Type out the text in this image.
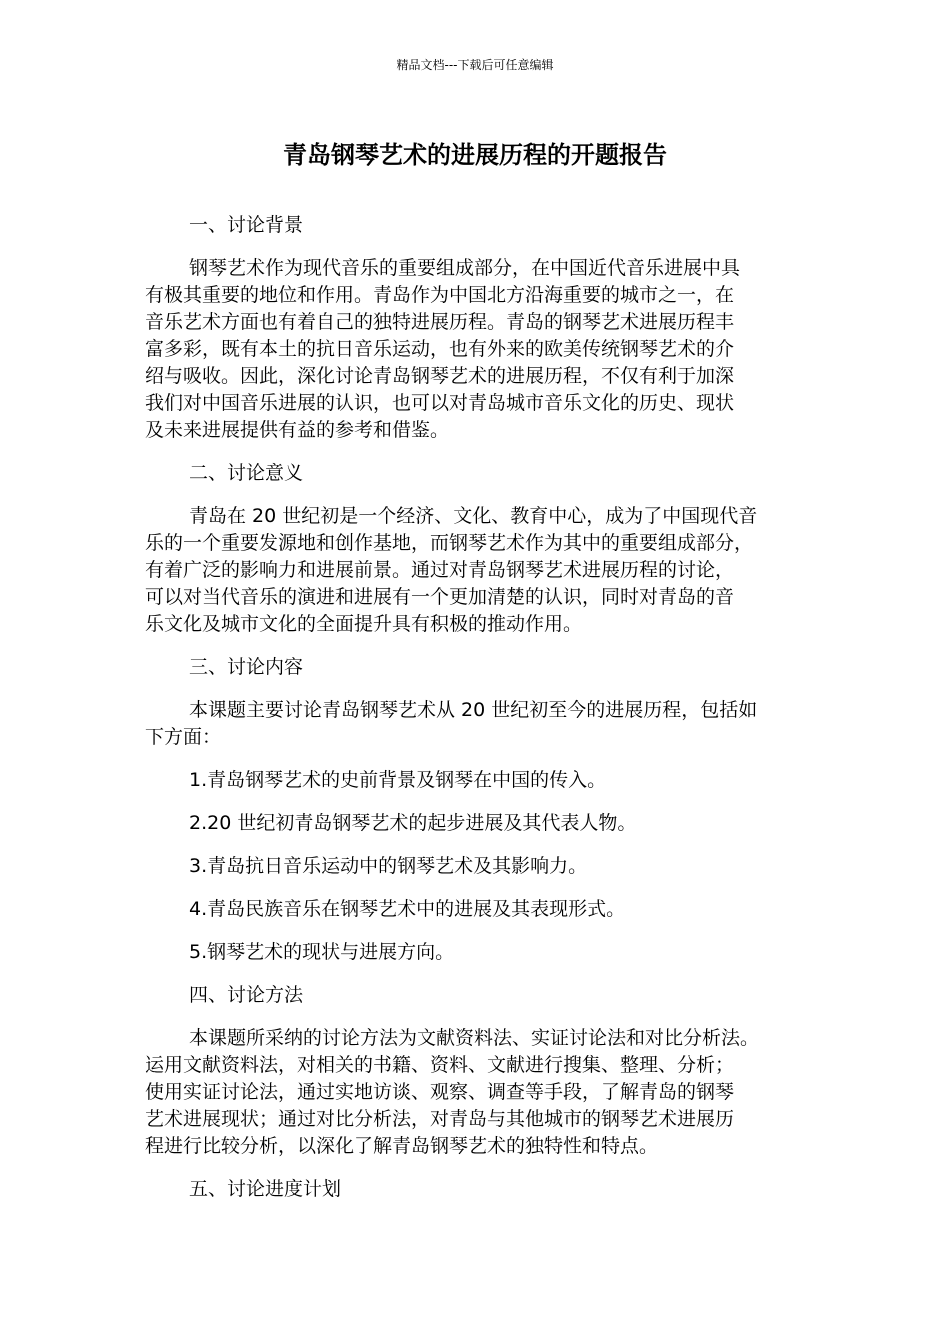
精品文档---下载后可任意编辑
青岛钢琴艺术的进展历程的开题报告
一、讨论背景
钢琴艺术作为现代音乐的重要组成部分，在中国近代音乐进展中具
有极其重要的地位和作用。青岛作为中国北方沿海重要的城市之一，在
音乐艺术方面也有着自己的独特进展历程。青岛的钢琴艺术进展历程丰
富多彩，既有本土的抗日音乐运动，也有外来的欧美传统钢琴艺术的介
绍与吸收。因此，深化讨论青岛钢琴艺术的进展历程，不仅有利于加深
我们对中国音乐进展的认识，也可以对青岛城市音乐文化的历史、现状
及未来进展提供有益的参考和借鉴。
二、讨论意义
青岛在 20 世纪初是一个经济、文化、教育中心，成为了中国现代音
乐的一个重要发源地和创作基地，而钢琴艺术作为其中的重要组成部分，
有着广泛的影响力和进展前景。通过对青岛钢琴艺术进展历程的讨论，
可以对当代音乐的演进和进展有一个更加清楚的认识，同时对青岛的音
乐文化及城市文化的全面提升具有积极的推动作用。
三、讨论内容
本课题主要讨论青岛钢琴艺术从 20 世纪初至今的进展历程，包括如
下方面：
1.青岛钢琴艺术的史前背景及钢琴在中国的传入。
2.20 世纪初青岛钢琴艺术的起步进展及其代表人物。
3.青岛抗日音乐运动中的钢琴艺术及其影响力。
4.青岛民族音乐在钢琴艺术中的进展及其表现形式。
5.钢琴艺术的现状与进展方向。
四、讨论方法
本课题所采纳的讨论方法为文献资料法、实证讨论法和对比分析法。
运用文献资料法，对相关的书籍、资料、文献进行搜集、整理、分析；
使用实证讨论法，通过实地访谈、观察、调查等手段，了解青岛的钢琴
艺术进展现状；通过对比分析法，对青岛与其他城市的钢琴艺术进展历
程进行比较分析，以深化了解青岛钢琴艺术的独特性和特点。
五、讨论进度计划
